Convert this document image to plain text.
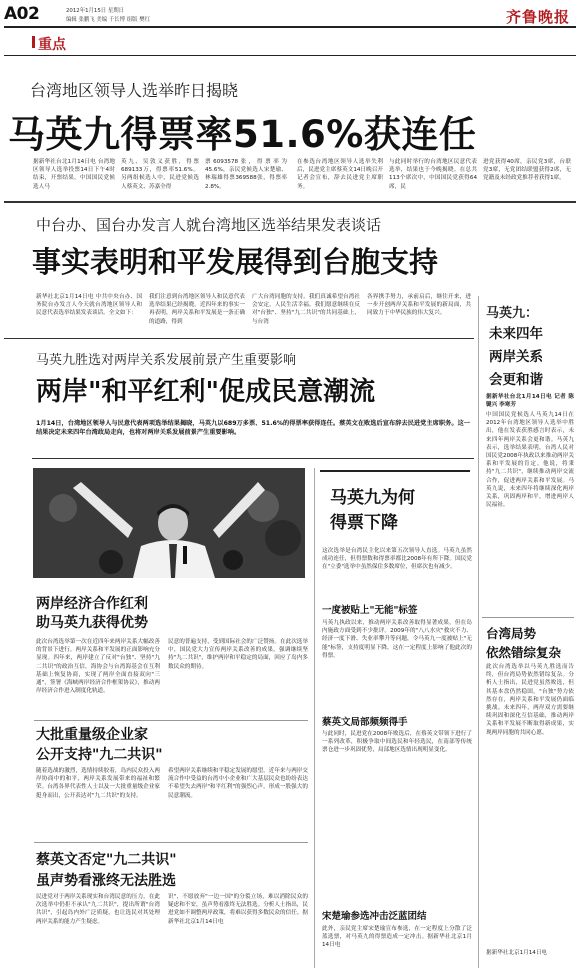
A02	2012年1月15日 星期日
编辑 张鹏飞 美编 千长博 组版 樊红
重点
齐鲁晚报
台湾地区领导人选举昨日揭晓
马英九得票率51.6%获连任
据新华社台北1月14日电 台湾地区领导人选举投票14日下午4时结束，开票结果，中国国民党候选人马
英九、吴敦义获胜，得票689133万，得票率51.6%。另两组候选人中，民进党候选人蔡英文、苏嘉全得
票6093578张，得票率为45.6%，亲民党候选人宋楚瑜、林瑞雄得票369588张，得票率2.8%。
在参选台湾地区领导人选举失利后，民进党主席蔡英文14日晚召开记者会宣布，辞去民进党主席职务。
与此同时举行的台湾地区民意代表选举，结果也于今晚揭晓。在总共113个席次中，中国国民党获得64席，民
进党获得40席，亲民党3席，台联党3席，无党团结联盟获得2席，无党籍及未经政党推荐者获得1席。
中台办、国台办发言人就台湾地区选举结果发表谈话
事实表明和平发展得到台胞支持
新华社北京1月14日电 中共中央台办、国务院台办发言人今天就台湾地区领导人和民意代表选举结果发表谈话。全文如下：
我们注意到台湾地区领导人和民意代表选举结果已经揭晓。近四年来的事实一再表明，两岸关系和平发展是一条正确的道路，得到
广大台湾同胞的支持。我们真诚希望台湾社会安定，人民生活幸福。我们愿意继续在反对"台独"、坚持"九二共识"的共同基础上，与台湾
各界携手努力，承前启后，继往开来，进一步开创两岸关系和平发展的新局面，共同致力于中华民族的伟大复兴。	马英九：
未来四年
两岸关系
会更和谐
据新华社台北1月14日电 记者 陈键兴 李寒芳
中国国民党候选人马英九14日在2012年台湾地区领导人选举中胜出，他在发表获胜感言时表示，未来四年两岸关系会更和谐。马英九表示，选举结果表明，台湾人民对国民党2008年执政以来推动两岸关系和平发展的肯定。他说，将秉持"九二共识"，继续推动两岸交流合作，促进两岸关系和平发展。马英九说，未来四年将继续深化两岸关系，巩固两岸和平，增进两岸人民福祉。
马英九胜选对两岸关系发展前景产生重要影响
两岸"和平红利"促成民意潮流
1月14日，台湾地区领导人与民意代表两项选举结果揭晓，马英九以689万多票、51.6%的得票率获得连任。蔡英文在败选后宣布辞去民进党主席职务。这一结果决定未来四年台湾政局走向，也将对两岸关系发展前景产生重要影响。
两岸经济合作红利
助马英九获得优势
此次台湾选举第一次在近四年来两岸关系大幅改善的背景下进行。两岸关系和平发展的正面影响充分显现。四年来，两岸建立了反对"台独"、坚持"九二共识"的政治互信，海协会与台湾海基会在互利基础上恢复协商，实现了两岸全面直接双向"三通"，签署《海峡两岸经济合作框架协议》，推动两岸经济合作进入制度化轨道。
民意的普遍支持，受到国际社会的广泛赞扬。在此次选举中，国民党大力宣传两岸关系改善的成果，强调继续坚持"九二共识"，维护两岸和平稳定的局面，回应了岛内多数民众的期待。
大批重量级企业家
公开支持"九二共识"
随着选战的激烈，选情持续胶着，岛内民众投入两岸协商中的和平，两岸关系发展带来的福祉和繁荣。台湾各界代表性人士以及一大批重量级企业家挺身而出，公开表达对"九二共识"的支持。
希望两岸关系继续和平稳定发展的愿望。近年来与两岸交流合作中受益的台湾中小企业和广大基层民众也纷纷表达不希望失去两岸"和平红利"的强烈心声，形成一股强大的民意潮流。
蔡英文否定"九二共识"
虽声势看涨终无法胜选
民进党对于两岸关系现实和台湾民意的压力，在此次选举中仍拒不承认"九二共识"，提出所谓"台湾共识"，引起岛内外广泛质疑，也让选民对其处理两岸关系的能力产生疑虑。
识"，不愿放弃"一边一国"的分裂立场，难以消除民众的疑虑和不安，虽声势看涨终无法胜选。分析人士指出，民进党如不调整两岸政策，将难以获得多数民众的信任。据新华社北京1月14日电
马英九为何
得票下降
这次选举是台湾民主化以来第五次领导人直选。马英九虽然成功连任，但得票数和得票率都比2008年有所下降。国民党在"立委"选举中虽然保住多数席位，但席次也有减少。
一度被贴上"无能"标签
马英九执政以来，推动两岸关系改善取得显著成果，但在岛内施政方面受到不少批评。2009年的"八八水灾"救灾不力、经济一度下滑、失业率攀升等问题，令马英九一度被贴上"无能"标签，支持度明显下降，这在一定程度上影响了他此次的得票。
蔡英文局部频频得手
与此同时，民进党在2008年败选后，在蔡英文带领下进行了一系列改革，积极争取中间选民和年轻选民，在南部等传统票仓进一步巩固优势，局部地区选情出现明显变化。
宋楚瑜参选冲击泛蓝团结
此外，亲民党主席宋楚瑜宣布参选，在一定程度上分散了泛蓝选票，对马英九的得票造成一定冲击。据新华社北京1月14日电
台湾局势
依然错综复杂
此次台湾选举以马英九胜选而告终，但台湾局势依然错综复杂。分析人士指出，民进党虽然败选，但其基本盘仍然稳固，"台独"势力依然存在，两岸关系和平发展仍面临挑战。未来四年，两岸双方需要继续巩固和深化互信基础，推动两岸关系和平发展不断取得新成果，实现两岸同胞的共同心愿。
据新华社北京1月14日电
